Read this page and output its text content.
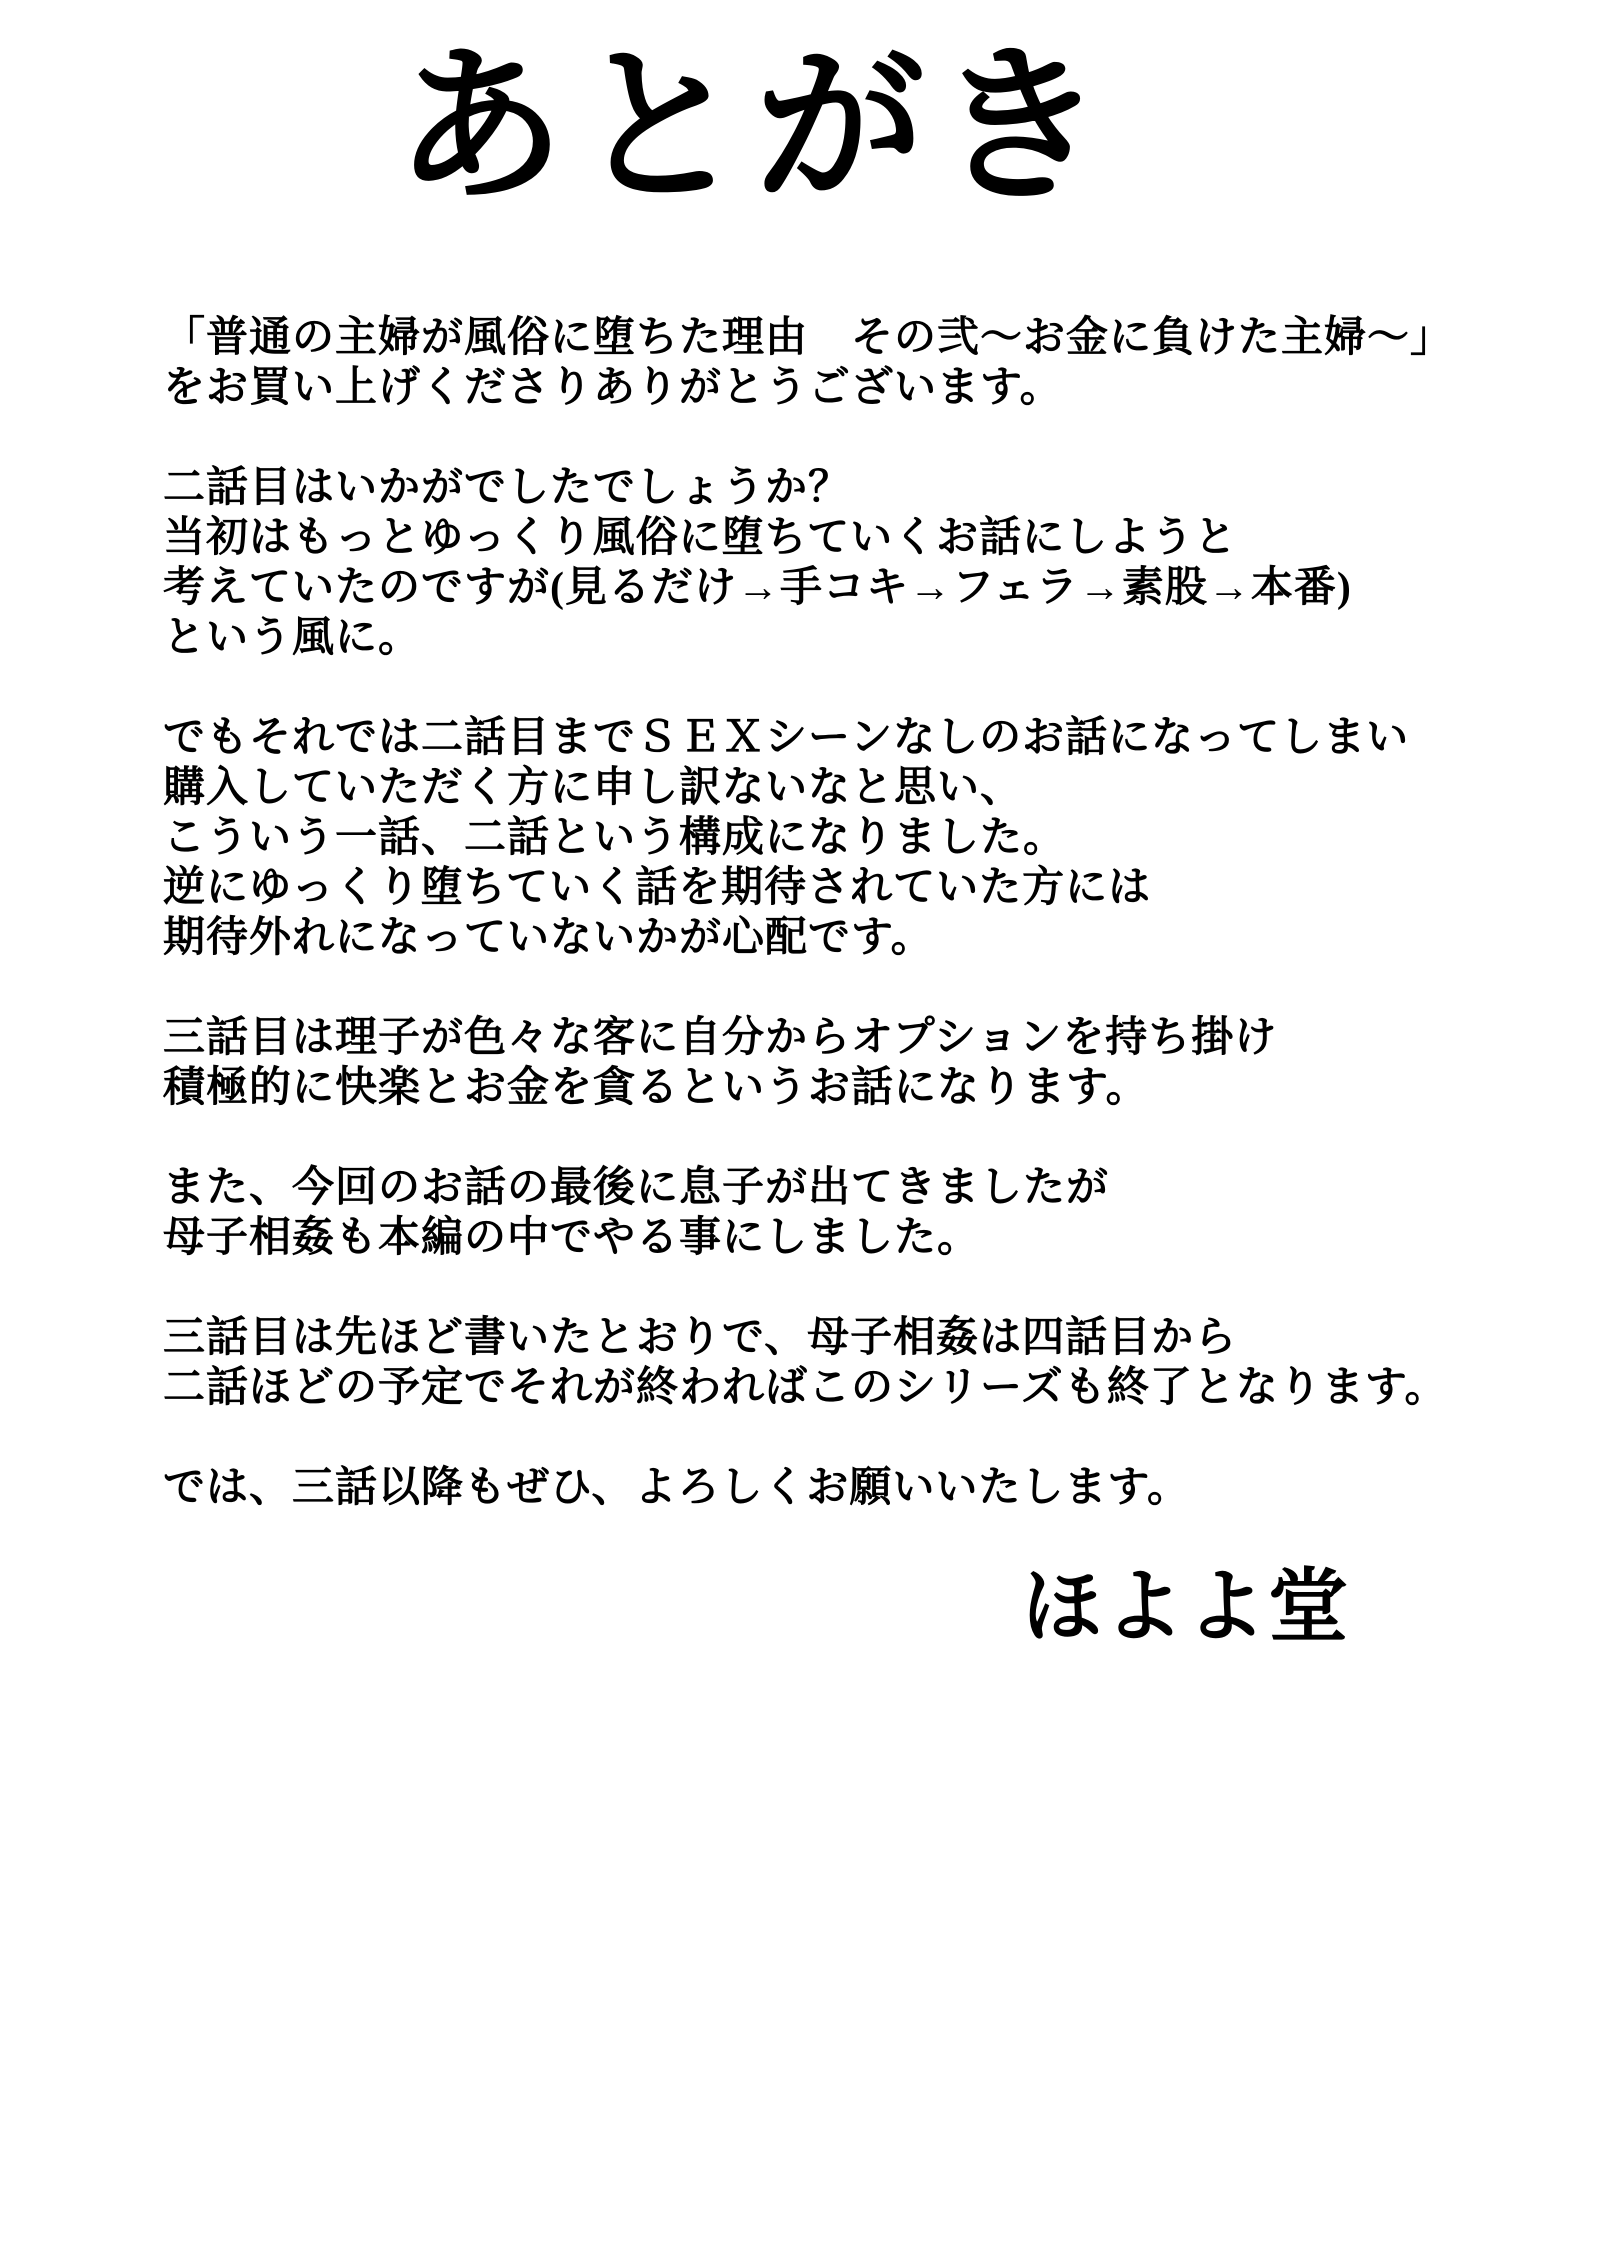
あとがき

「普通の主婦が風俗に堕ちた理由　その弐～お金に負けた主婦～」
をお買い上げくださりありがとうございます。

二話目はいかがでしたでしょうか？
当初はもっとゆっくり風俗に堕ちていくお話にしようと
考えていたのですが(見るだけ→手コキ→フェラ→素股→本番)
という風に。

でもそれでは二話目までＳＥＸシーンなしのお話になってしまい
購入していただく方に申し訳ないなと思い、
こういう一話、二話という構成になりました。
逆にゆっくり堕ちていく話を期待されていた方には
期待外れになっていないかが心配です。

三話目は理子が色々な客に自分からオプションを持ち掛け
積極的に快楽とお金を貪るというお話になります。

また、今回のお話の最後に息子が出てきましたが
母子相姦も本編の中でやる事にしました。

三話目は先ほど書いたとおりで、母子相姦は四話目から
二話ほどの予定でそれが終わればこのシリーズも終了となります。

では、三話以降もぜひ、よろしくお願いいたします。

ほよよ堂
